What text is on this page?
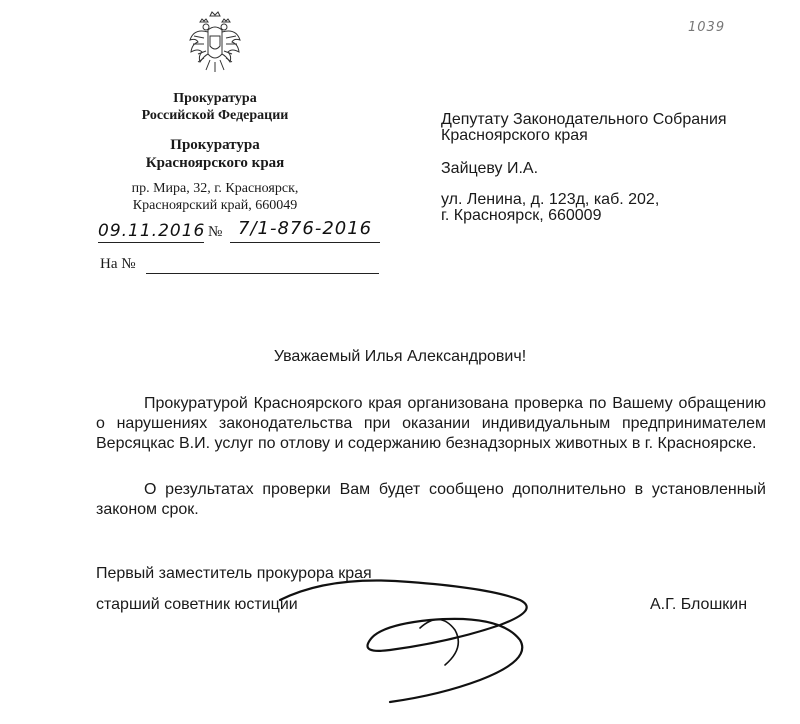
Прокуратура
Российской Федерации
Прокуратура
Красноярского края
пр. Мира, 32, г. Красноярск,
Красноярский край, 660049
09.11.2016 № 7/1-876-2016
На №
1039
Депутату Законодательного Собрания
Красноярского края
Зайцеву И.А.
ул. Ленина, д. 123д, каб. 202,
г. Красноярск, 660009
Уважаемый Илья Александрович!
Прокуратурой Красноярского края организована проверка по Вашему обращению о нарушениях законодательства при оказании индивидуальным предпринимателем Версяцкас В.И. услуг по отлову и содержанию безнадзорных животных в г. Красноярске.
О результатах проверки Вам будет сообщено дополнительно в установленный законом срок.
Первый заместитель прокурора края
старший советник юстиции	А.Г. Блошкин
